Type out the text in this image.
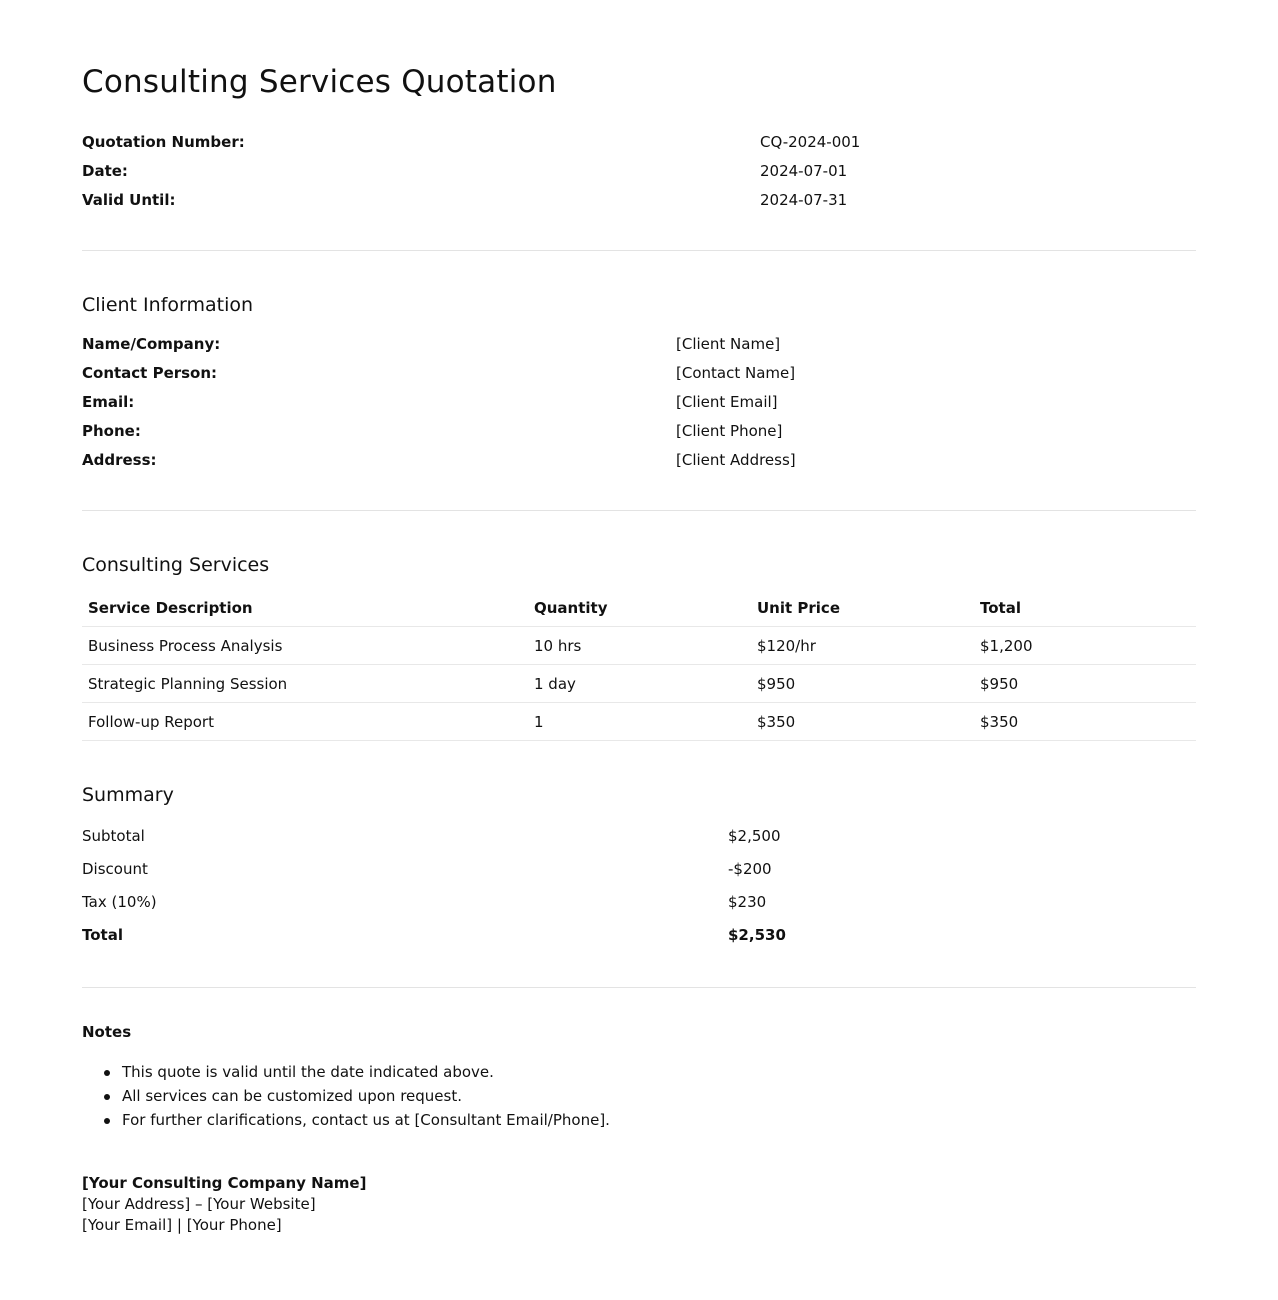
Consulting Services Quotation
Quotation Number:	CQ-2024-001
Date:	2024-07-01
Valid Until:	2024-07-31
Client Information
Name/Company:	[Client Name]
Contact Person:	[Contact Name]
Email:	[Client Email]
Phone:	[Client Phone]
Address:	[Client Address]
Consulting Services
Service Description	Quantity	Unit Price	Total
Business Process Analysis	10 hrs	$120/hr	$1,200
Strategic Planning Session	1 day	$950	$950
Follow-up Report	1	$350	$350
Summary
Subtotal	$2,500
Discount	-$200
Tax (10%)	$230
Total	$2,530
Notes
This quote is valid until the date indicated above.
All services can be customized upon request.
For further clarifications, contact us at [Consultant Email/Phone].
[Your Consulting Company Name]
[Your Address] – [Your Website]
[Your Email] | [Your Phone]
